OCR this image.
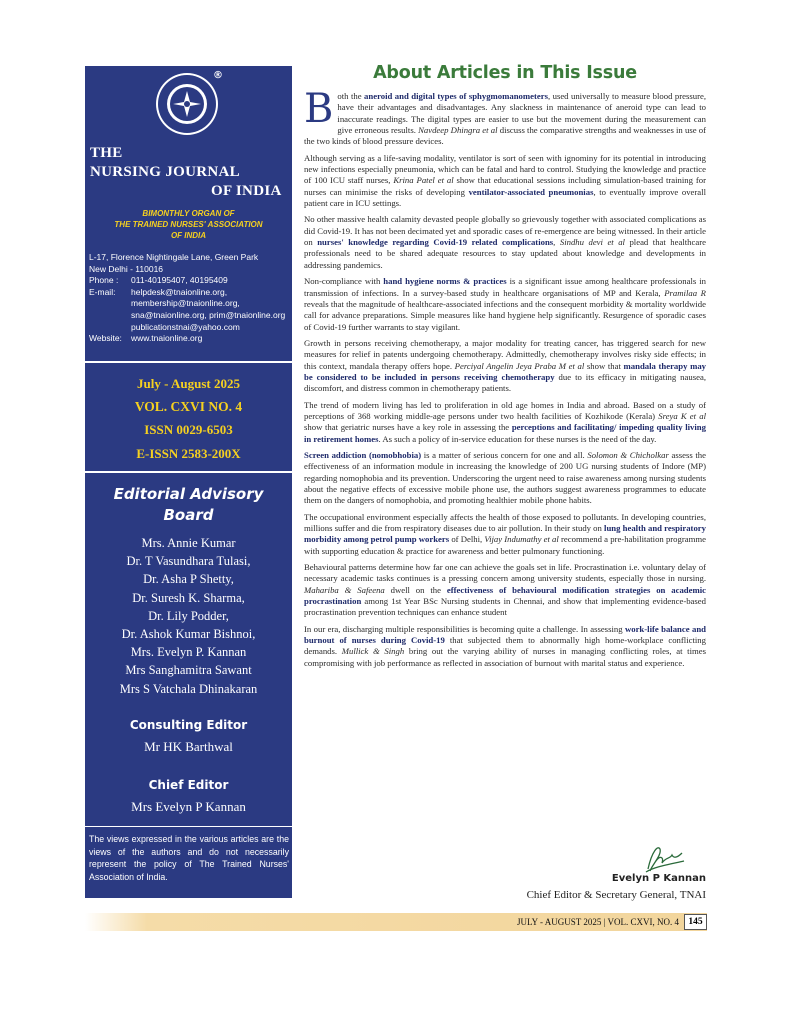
®
THE
NURSING JOURNAL
OF INDIA
BIMONTHLY ORGAN OF
THE TRAINED NURSES' ASSOCIATION
OF INDIA
L-17, Florence Nightingale Lane, Green Park
New Delhi - 110016
Phone :	011-40195407, 40195409
E-mail:	helpdesk@tnaionline.org,
membership@tnaionline.org,
sna@tnaionline.org, prim@tnaionline.org
publicationstnai@yahoo.com
Website:	www.tnaionline.org
July - August 2025
VOL. CXVI NO. 4
ISSN 0029-6503
E-ISSN 2583-200X
Editorial Advisory
Board
Mrs. Annie Kumar
Dr. T Vasundhara Tulasi,
Dr. Asha P Shetty,
Dr. Suresh K. Sharma,
Dr. Lily Podder,
Dr. Ashok Kumar Bishnoi,
Mrs. Evelyn P. Kannan
Mrs Sanghamitra Sawant
Mrs S Vatchala Dhinakaran
Consulting Editor
Mr HK Barthwal
Chief Editor
Mrs Evelyn P Kannan
The views expressed in the various articles are the views of the authors and do not necessarily represent the policy of The Trained Nurses' Association of India.
About Articles in This Issue

Both the aneroid and digital types of sphygmomanometers, used universally to measure blood pressure, have their advantages and disadvantages. Any slackness in maintenance of aneroid type can lead to inaccurate readings. The digital types are easier to use but the movement during the measurement can give erroneous results. Navdeep Dhingra et al discuss the comparative strengths and weaknesses in use of the two kinds of blood pressure devices.

Although serving as a life-saving modality, ventilator is sort of seen with ignominy for its potential in introducing new infections especially pneumonia, which can be fatal and hard to control. Studying the knowledge and practice of 100 ICU staff nurses, Krina Patel et al show that educational sessions including simulation-based training for nurses can minimise the risks of developing ventilator-associated pneumonias, to eventually improve overall patient care in ICU settings.

No other massive health calamity devasted people globally so grievously together with associated complications as did Covid-19. It has not been decimated yet and sporadic cases of re-emergence are being witnessed. In their article on nurses' knowledge regarding Covid-19 related complications, Sindhu devi et al plead that healthcare professionals need to be shared adequate resources to stay updated about knowledge and developments in addressing pandemics.

Non-compliance with hand hygiene norms & practices is a significant issue among healthcare professionals in transmission of infections. In a survey-based study in healthcare organisations of MP and Kerala, Pramilaa R reveals that the magnitude of healthcare-associated infections and the consequent morbidity & mortality worldwide call for advance preparations. Simple measures like hand hygiene help significantly. Resurgence of sporadic cases of Covid-19 further warrants to stay vigilant.

Growth in persons receiving chemotherapy, a major modality for treating cancer, has triggered search for new measures for relief in patents undergoing chemotherapy. Admittedly, chemotherapy involves risky side effects; in this context, mandala therapy offers hope. Perciyal Angelin Jeya Praba M et al show that mandala therapy may be considered to be included in persons receiving chemotherapy due to its efficacy in mitigating nausea, discomfort, and distress common in chemotherapy patients.

The trend of modern living has led to proliferation in old age homes in India and abroad. Based on a study of perceptions of 368 working middle-age persons under two health facilities of Kozhikode (Kerala) Sreya K et al show that geriatric nurses have a key role in assessing the perceptions and facilitating/ impeding quality living in retirement homes. As such a policy of in-service education for these nurses is the need of the day.

Screen addiction (nomobhobia) is a matter of serious concern for one and all. Solomon & Chicholkar assess the effectiveness of an information module in increasing the knowledge of 200 UG nursing students of Indore (MP) regarding nomophobia and its prevention. Underscoring the urgent need to raise awareness among nursing students about the negative effects of excessive mobile phone use, the authors suggest awareness programmes to educate them on the dangers of nomophobia, and promoting healthier mobile phone habits.

The occupational environment especially affects the health of those exposed to pollutants. In developing countries, millions suffer and die from respiratory diseases due to air pollution. In their study on lung health and respiratory morbidity among petrol pump workers of Delhi, Vijay Indumathy et al recommend a pre-habilitation programme with supporting education & practice for awareness and better pulmonary functioning.

Behavioural patterns determine how far one can achieve the goals set in life. Procrastination i.e. voluntary delay of necessary academic tasks continues is a pressing concern among university students, especially those in nursing. Mahariba & Safeena dwell on the effectiveness of behavioural modification strategies on academic procrastination among 1st Year BSc Nursing students in Chennai, and show that implementing evidence-based procrastination prevention techniques can enhance student

In our era, discharging multiple responsibilities is becoming quite a challenge. In assessing work-life balance and burnout of nurses during Covid-19 that subjected them to abnormally high home-workplace conflicting demands. Mullick & Singh bring out the varying ability of nurses in managing conflicting roles, at times compromising with job performance as reflected in association of burnout with marital status and experience.

Evelyn P Kannan
Chief Editor & Secretary General, TNAI
JULY - AUGUST 2025 | VOL. CXVI, NO. 4 145
